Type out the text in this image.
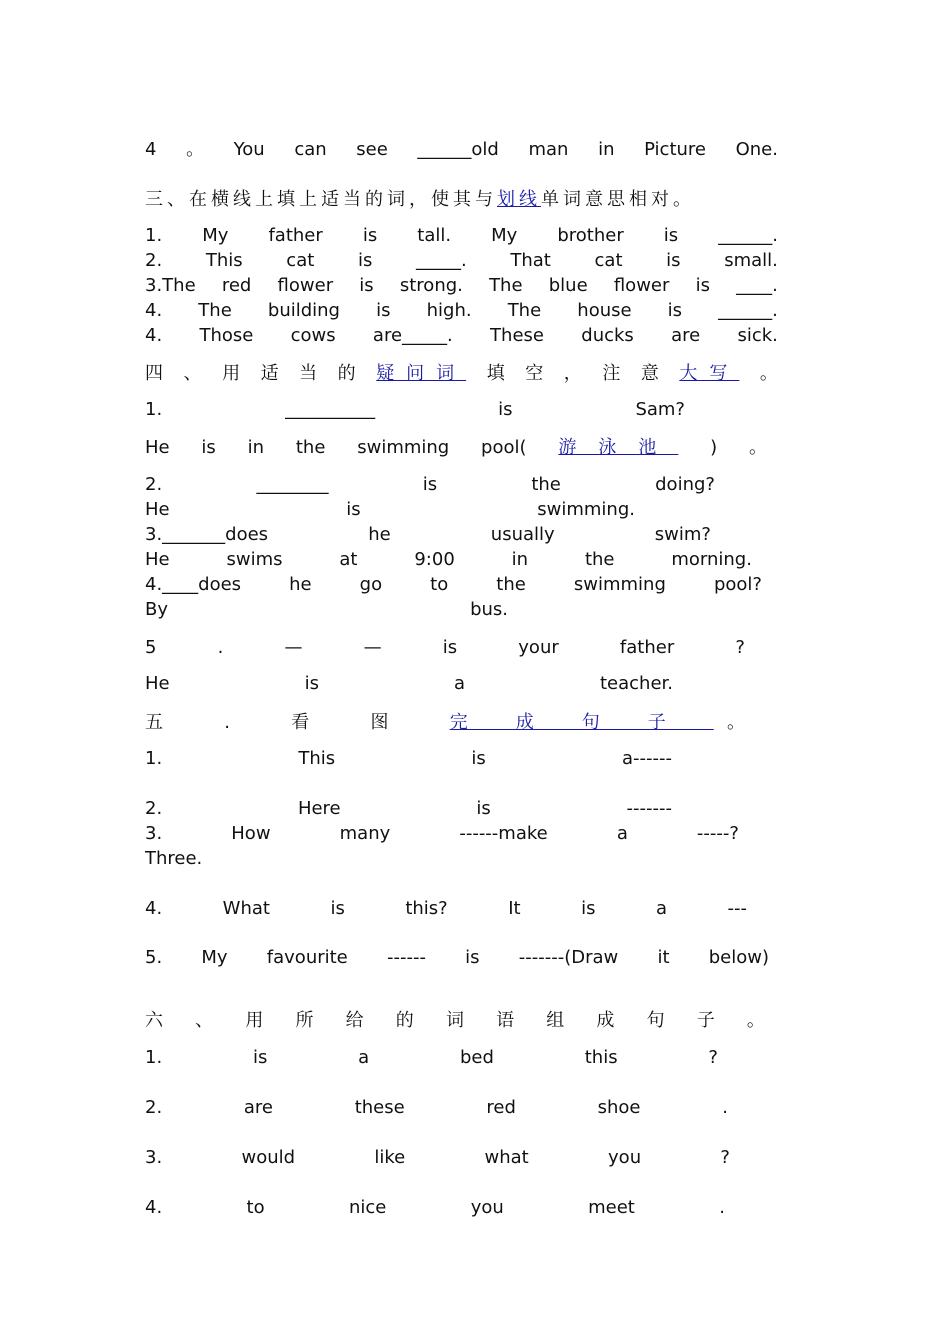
4 。 You can see ______old man in Picture One.
三、在横线上填上适当的词，使其与 划线 单词意思相对。
1. My father is tall. My brother is ______.
2. This cat is _____. That cat is small.
3.The red flower is strong. The blue flower is ____.
4. The building is high. The house is ______.
4. Those cows are_____. These ducks are sick.
四 、 用 适 当 的 疑问词 填 空 ， 注 意 大写 。
1.	__________	is	Sam?
He is in the swimming pool( 游泳池 ) 。
2.	________	is	the	doing?
He	is	swimming.
3._______does	he	usually	swim?
He	swims	at	9:00	in	the	morning.
4.____does	he	go	to	the	swimming	pool?
By	bus.
5	.	—	—	is	your	father	?
He	is	a	teacher.
五	.	看	图	完成句子 。
1.	This	is	a------
2.	Here	is	-------
3.	How	many	------make	a	-----?
Three.
4.	What	is	this?	It	is	a	---
5. My favourite ------ is -------(Draw it below)
六 、 用 所 给 的 词 语 组 成 句 子 。
1.	is	a	bed	this	?
2.	are	these	red	shoe	.
3.	would	like	what	you	?
4.	to	nice	you	meet	.
